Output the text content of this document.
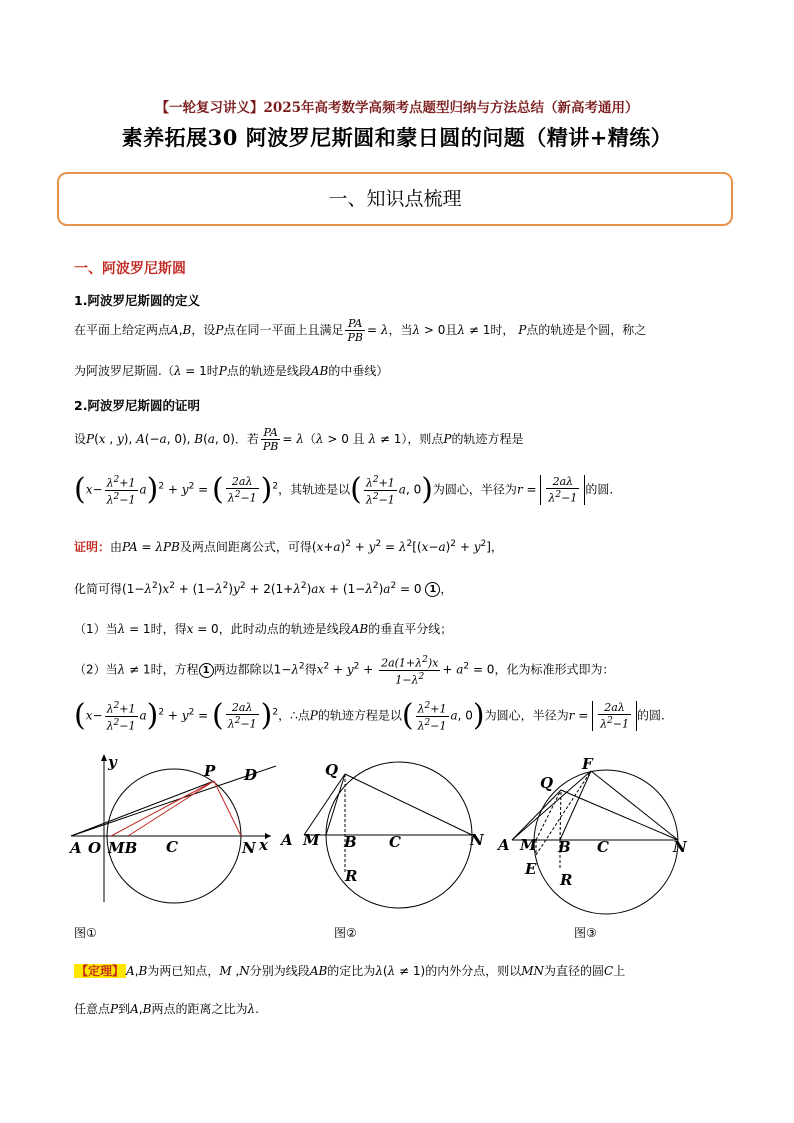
【一轮复习讲义】2025年高考数学高频考点题型归纳与方法总结（新高考通用）
素养拓展30 阿波罗尼斯圆和蒙日圆的问题（精讲+精练）
一、知识点梳理
一、阿波罗尼斯圆
1.阿波罗尼斯圆的定义
在平面上给定两点A,B，设P点在同一平面上且满足 $\frac{PA}{PB} = \lambda$，当λ > 0且λ ≠ 1时， P点的轨迹是个圆，称之
为阿波罗尼斯圆.（λ = 1时P点的轨迹是线段AB的中垂线）
2.阿波罗尼斯圆的证明
设P(x , y), A(−a, 0), B(a, 0)．若 $\frac{PA}{PB} = \lambda(\lambda > 0$ 且 λ ≠ 1），则点P的轨迹方程是
$(x- \frac{\lambda^2+1}{\lambda^2-1} a)^2 + y^2$ = ( $\frac{2a\lambda}{\lambda^2-1} )^2$，其轨迹是以( $\frac{\lambda^2+1}{\lambda^2-1} a$, 0)为圆心，半径为$r = \frac{2a\lambda}{\lambda^2-1}$ 的圆.
证明：由PA = λPB及两点间距离公式，可得$(x+a)^2 + y^2 = \lambda^2[(x-a)^2 + y^2]$，
化简可得$(1-\lambda^2)x^2 + (1-\lambda^2)y^2 + 2(1+\lambda^2)ax + (1-\lambda^2)a^2 = 0$ 1 ，
（1）当λ = 1时，得x = 0，此时动点的轨迹是线段AB的垂直平分线；
（2）当λ ≠ 1时，方程 1 两边都除以$1-\lambda^2$得$x^2 + y^2 + \frac{2a(1+\lambda^2)x}{1-\lambda^2} + a^2 = 0$，化为标准形式即为：
$(x- \frac{\lambda^2+1}{\lambda^2-1} a)^2 + y^2$ = ( $\frac{2a\lambda}{\lambda^2-1} )^2$，∴点P的轨迹方程是以( $\frac{\lambda^2+1}{\lambda^2-1} a$, 0)为圆心，半径为$r = \frac{2a\lambda}{\lambda^2-1}$ 的圆.
y	P D
A O MB C	N x
Q
A M B C	N
R
F
Q
A M B C	N
E
R
图①	图②	图③
【定理】 A,B为两已知点，M ,N分别为线段AB的定比为λ(λ ≠ 1)的内外分点，则以MN为直径的圆C上
任意点P到A,B两点的距离之比为λ.
